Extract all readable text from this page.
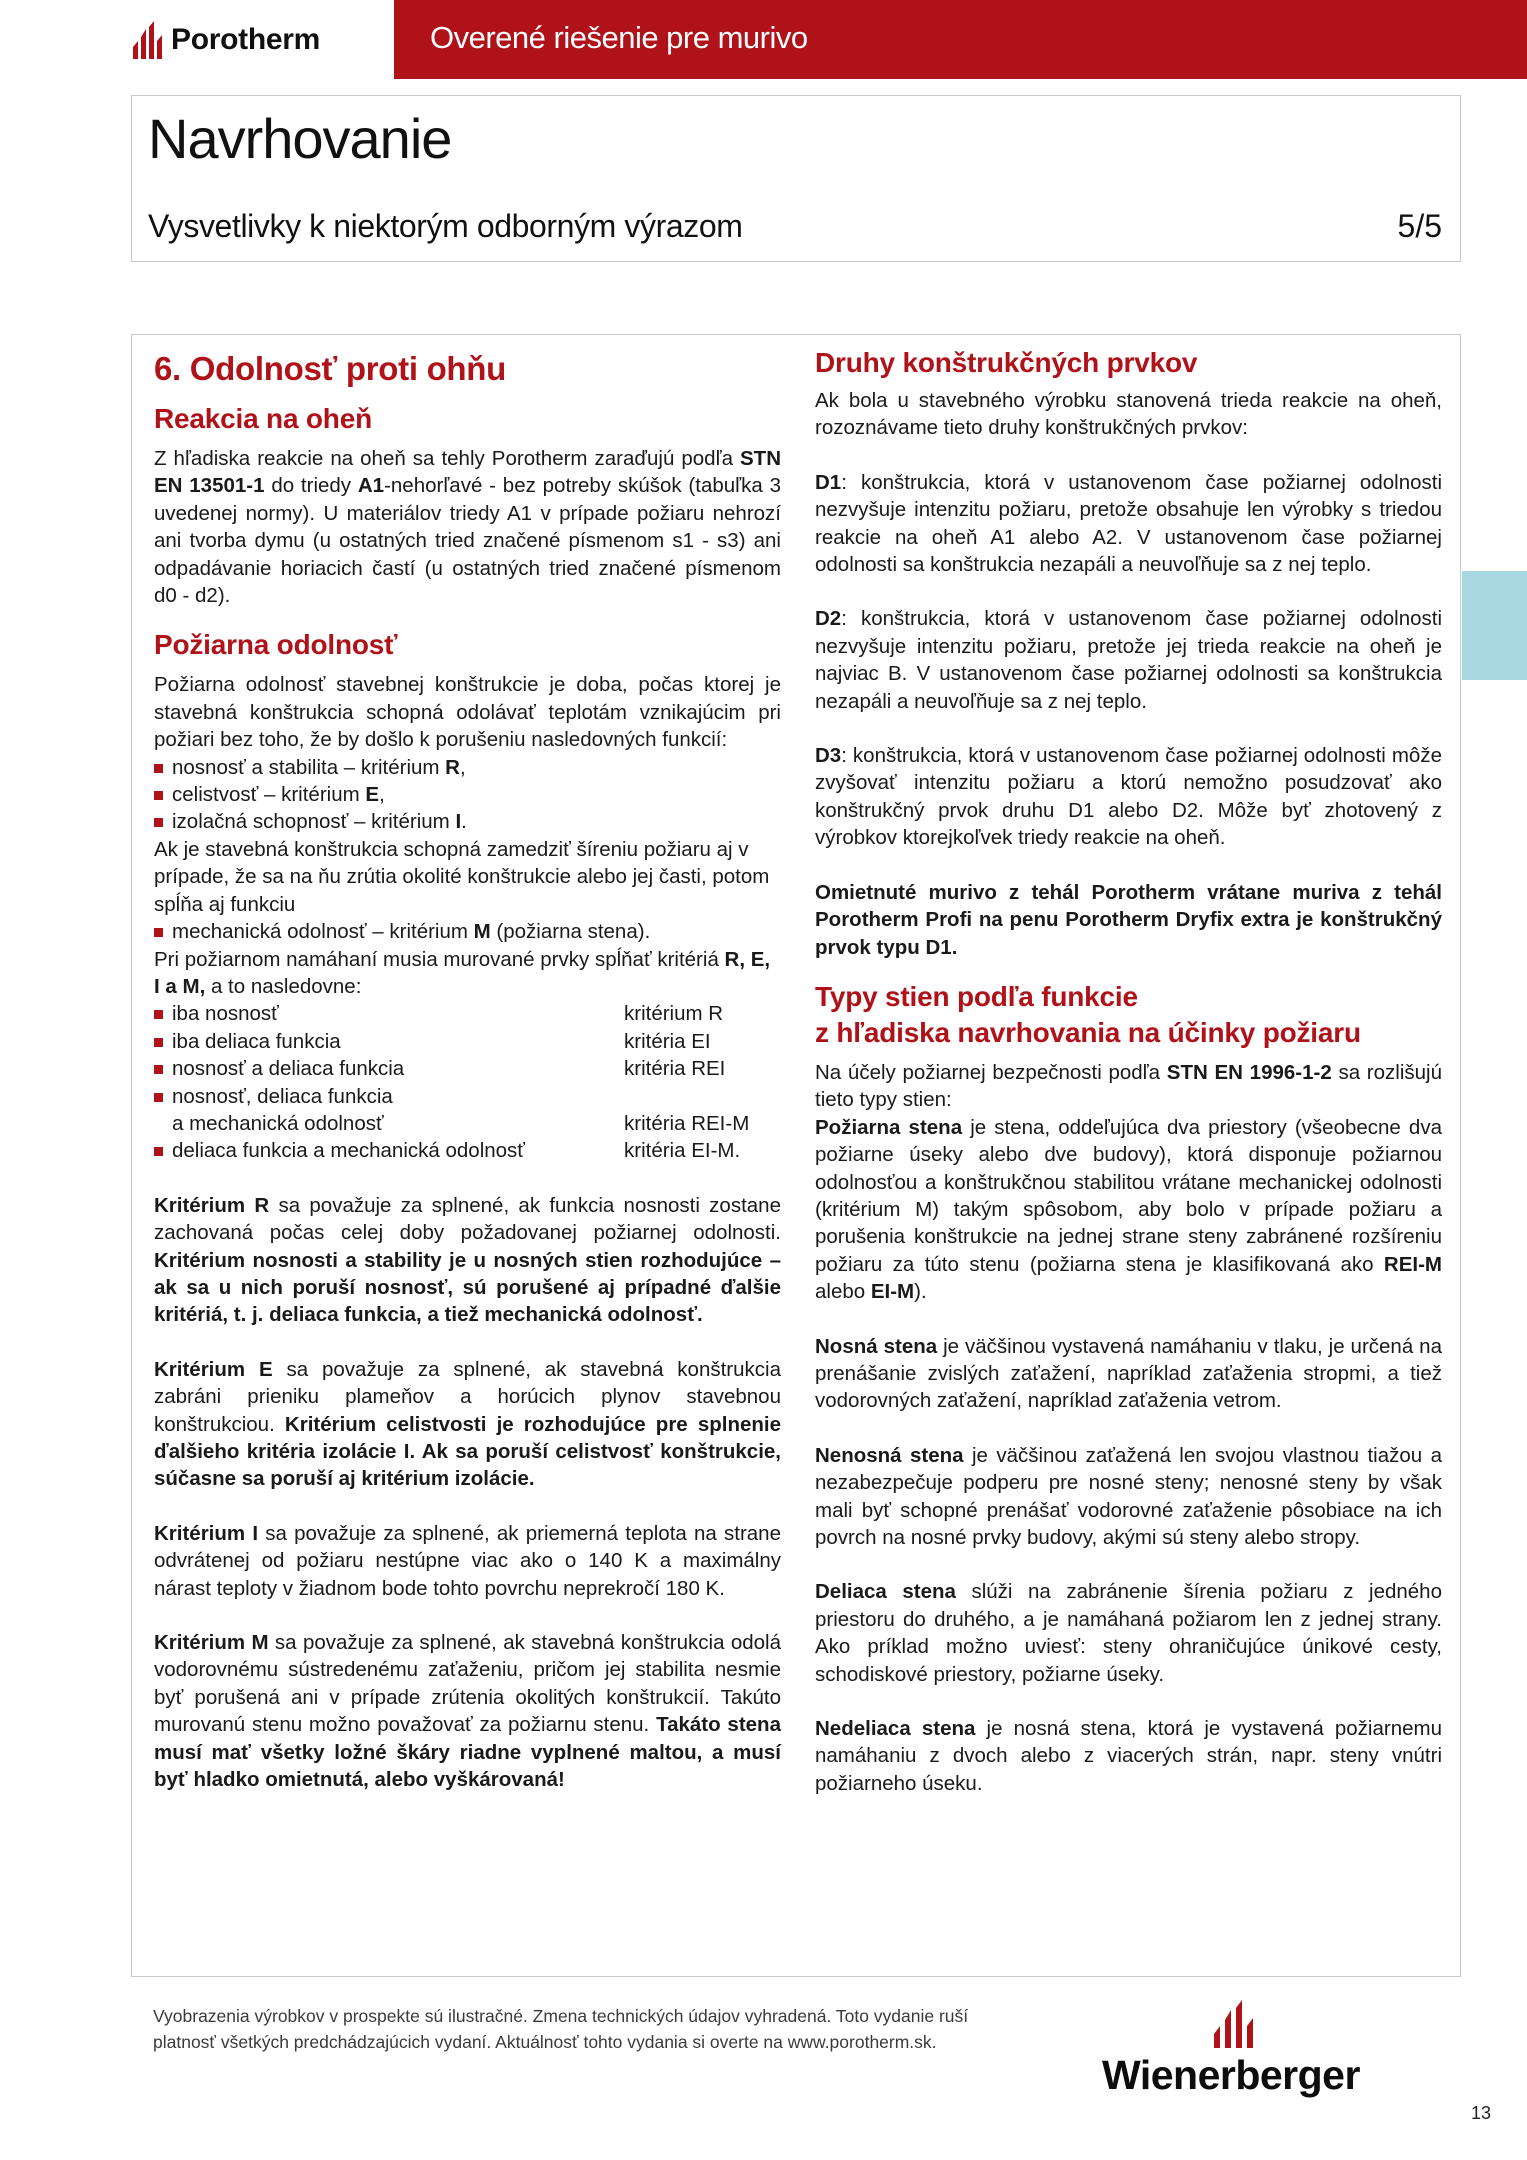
Porotherm	Overené riešenie pre murivo
Navrhovanie
Vysvetlivky k niektorým odborným výrazom	5/5
6. Odolnosť proti ohňu
Reakcia na oheň

Z hľadiska reakcie na oheň sa tehly Porotherm zaraďujú podľa STN EN 13501-1 do triedy A1-nehorľavé - bez potreby skúšok (tabuľka 3 uvedenej normy). U materiálov triedy A1 v prípade požiaru nehrozí ani tvorba dymu (u ostatných tried značené písmenom s1 - s3) ani odpadávanie horiacich častí (u ostatných tried značené písmenom d0 - d2).

Požiarna odolnosť

Požiarna odolnosť stavebnej konštrukcie je doba, počas ktorej je stavebná konštrukcia schopná odolávať teplotám vznikajúcim pri požiari bez toho, že by došlo k porušeniu nasledovných funkcií:

nosnosť a stabilita – kritérium R,
celistvosť – kritérium E,
izolačná schopnosť – kritérium I.

Ak je stavebná konštrukcia schopná zamedziť šíreniu požiaru aj v prípade, že sa na ňu zrútia okolité konštrukcie alebo jej časti, potom spĺňa aj funkciu

mechanická odolnosť – kritérium M (požiarna stena).

Pri požiarnom namáhaní musia murované prvky spĺňať kritériá R, E, I a M, a to nasledovne:

iba nosnosť	kritérium R

iba deliaca funkcia	kritéria EI

nosnosť a deliaca funkcia	kritéria REI

nosnosť, deliaca funkcia
a mechanická odolnosť	kritéria REI-M

deliaca funkcia a mechanická odolnosť	kritéria EI-M.

Kritérium R sa považuje za splnené, ak funkcia nosnosti zostane zachovaná počas celej doby požadovanej požiarnej odolnosti. Kritérium nosnosti a stability je u nosných stien rozhodujúce – ak sa u nich poruší nosnosť, sú porušené aj prípadné ďalšie kritériá, t. j. deliaca funkcia, a tiež mechanická odolnosť.

Kritérium E sa považuje za splnené, ak stavebná konštrukcia zabráni prieniku plameňov a horúcich plynov stavebnou konštrukciou. Kritérium celistvosti je rozhodujúce pre splnenie ďalšieho kritéria izolácie I. Ak sa poruší celistvosť konštrukcie, súčasne sa poruší aj kritérium izolácie.

Kritérium I sa považuje za splnené, ak priemerná teplota na strane odvrátenej od požiaru nestúpne viac ako o 140 K a maximálny nárast teploty v žiadnom bode tohto povrchu neprekročí 180 K.

Kritérium M sa považuje za splnené, ak stavebná konštrukcia odolá vodorovnému sústredenému zaťaženiu, pričom jej stabilita nesmie byť porušená ani v prípade zrútenia okolitých konštrukcií. Takúto murovanú stenu možno považovať za požiarnu stenu. Takáto stena musí mať všetky ložné škáry riadne vyplnené maltou, a musí byť hladko omietnutá, alebo vyškárovaná!

Druhy konštrukčných prvkov

Ak bola u stavebného výrobku stanovená trieda reakcie na oheň, rozoznávame tieto druhy konštrukčných prvkov:

D1: konštrukcia, ktorá v ustanovenom čase požiarnej odolnosti nezvyšuje intenzitu požiaru, pretože obsahuje len výrobky s triedou reakcie na oheň A1 alebo A2. V ustanovenom čase požiarnej odolnosti sa konštrukcia nezapáli a neuvoľňuje sa z nej teplo.

D2: konštrukcia, ktorá v ustanovenom čase požiarnej odolnosti nezvyšuje intenzitu požiaru, pretože jej trieda reakcie na oheň je najviac B. V ustanovenom čase požiarnej odolnosti sa konštrukcia nezapáli a neuvoľňuje sa z nej teplo.

D3: konštrukcia, ktorá v ustanovenom čase požiarnej odolnosti môže zvyšovať intenzitu požiaru a ktorú nemožno posudzovať ako konštrukčný prvok druhu D1 alebo D2. Môže byť zhotovený z výrobkov ktorejkoľvek triedy reakcie na oheň.

Omietnuté murivo z tehál Porotherm vrátane muriva z tehál Porotherm Profi na penu Porotherm Dryfix extra je konštrukčný prvok typu D1.

Typy stien podľa funkcie
z hľadiska navrhovania na účinky požiaru

Na účely požiarnej bezpečnosti podľa STN EN 1996-1-2 sa rozlišujú tieto typy stien:

Požiarna stena je stena, oddeľujúca dva priestory (všeobecne dva požiarne úseky alebo dve budovy), ktorá disponuje požiarnou odolnosťou a konštrukčnou stabilitou vrátane mechanickej odolnosti (kritérium M) takým spôsobom, aby bolo v prípade požiaru a porušenia konštrukcie na jednej strane steny zabránené rozšíreniu požiaru za túto stenu (požiarna stena je klasifikovaná ako REI-M alebo EI-M).

Nosná stena je väčšinou vystavená namáhaniu v tlaku, je určená na prenášanie zvislých zaťažení, napríklad zaťaženia stropmi, a tiež vodorovných zaťažení, napríklad zaťaženia vetrom.

Nenosná stena je väčšinou zaťažená len svojou vlastnou tiažou a nezabezpečuje podperu pre nosné steny; nenosné steny by však mali byť schopné prenášať vodorovné zaťaženie pôsobiace na ich povrch na nosné prvky budovy, akými sú steny alebo stropy.

Deliaca stena slúži na zabránenie šírenia požiaru z jedného priestoru do druhého, a je namáhaná požiarom len z jednej strany. Ako príklad možno uviesť: steny ohraničujúce únikové cesty, schodiskové priestory, požiarne úseky.

Nedeliaca stena je nosná stena, ktorá je vystavená požiarnemu namáhaniu z dvoch alebo z viacerých strán, napr. steny vnútri požiarneho úseku.

Vyobrazenia výrobkov v prospekte sú ilustračné. Zmena technických údajov vyhradená. Toto vydanie ruší platnosť všetkých predchádzajúcich vydaní. Aktuálnosť tohto vydania si overte na www.porotherm.sk.
Wienerberger
13
